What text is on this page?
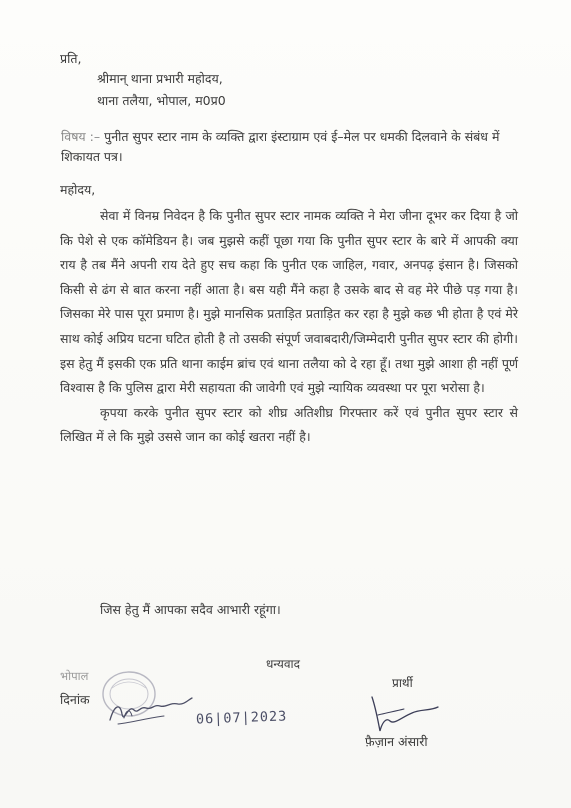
प्रति,
श्रीमान् थाना प्रभारी महोदय,
थाना तलैया, भोपाल, म0प्र0
विषय :– पुनीत सुपर स्टार नाम के व्यक्ति द्वारा इंस्टाग्राम एवं ई–मेल पर धमकी दिलवाने के संबंध में शिकायत पत्र।
महोदय,

सेवा में विनम्र निवेदन है कि पुनीत सुपर स्टार नामक व्यक्ति ने मेरा जीना दूभर कर दिया है जो कि पेशे से एक कॉमेडियन है। जब मुझसे कहीं पूछा गया कि पुनीत सुपर स्टार के बारे में आपकी क्या राय है तब मैंने अपनी राय देते हुए सच कहा कि पुनीत एक जाहिल, गवार, अनपढ़ इंसान है। जिसको किसी से ढंग से बात करना नहीं आता है। बस यही मैंने कहा है उसके बाद से वह मेरे पीछे पड़ गया है। जिसका मेरे पास पूरा प्रमाण है। मुझे मानसिक प्रताड़ित प्रताड़ित कर रहा है मुझे कछ भी होता है एवं मेरे साथ कोई अप्रिय घटना घटित होती है तो उसकी संपूर्ण जवाबदारी/जिम्मेदारी पुनीत सुपर स्टार की होगी। इस हेतु मैं इसकी एक प्रति थाना काईम ब्रांच एवं थाना तलैया को दे रहा हूँ। तथा मुझे आशा ही नहीं पूर्ण विश्वास है कि पुलिस द्वारा मेरी सहायता की जावेगी एवं मुझे न्यायिक व्यवस्था पर पूरा भरोसा है।

कृपया करके पुनीत सुपर स्टार को शीघ्र अतिशीघ्र गिरफ्तार करें एवं पुनीत सुपर स्टार से लिखित में ले कि मुझे उससे जान का कोई खतरा नहीं है।

जिस हेतु मैं आपका सदैव आभारी रहूंगा।
धन्यवाद
भोपाल
दिनांक
प्रार्थी
फ़ैज़ान अंसारी
06|07|2023
